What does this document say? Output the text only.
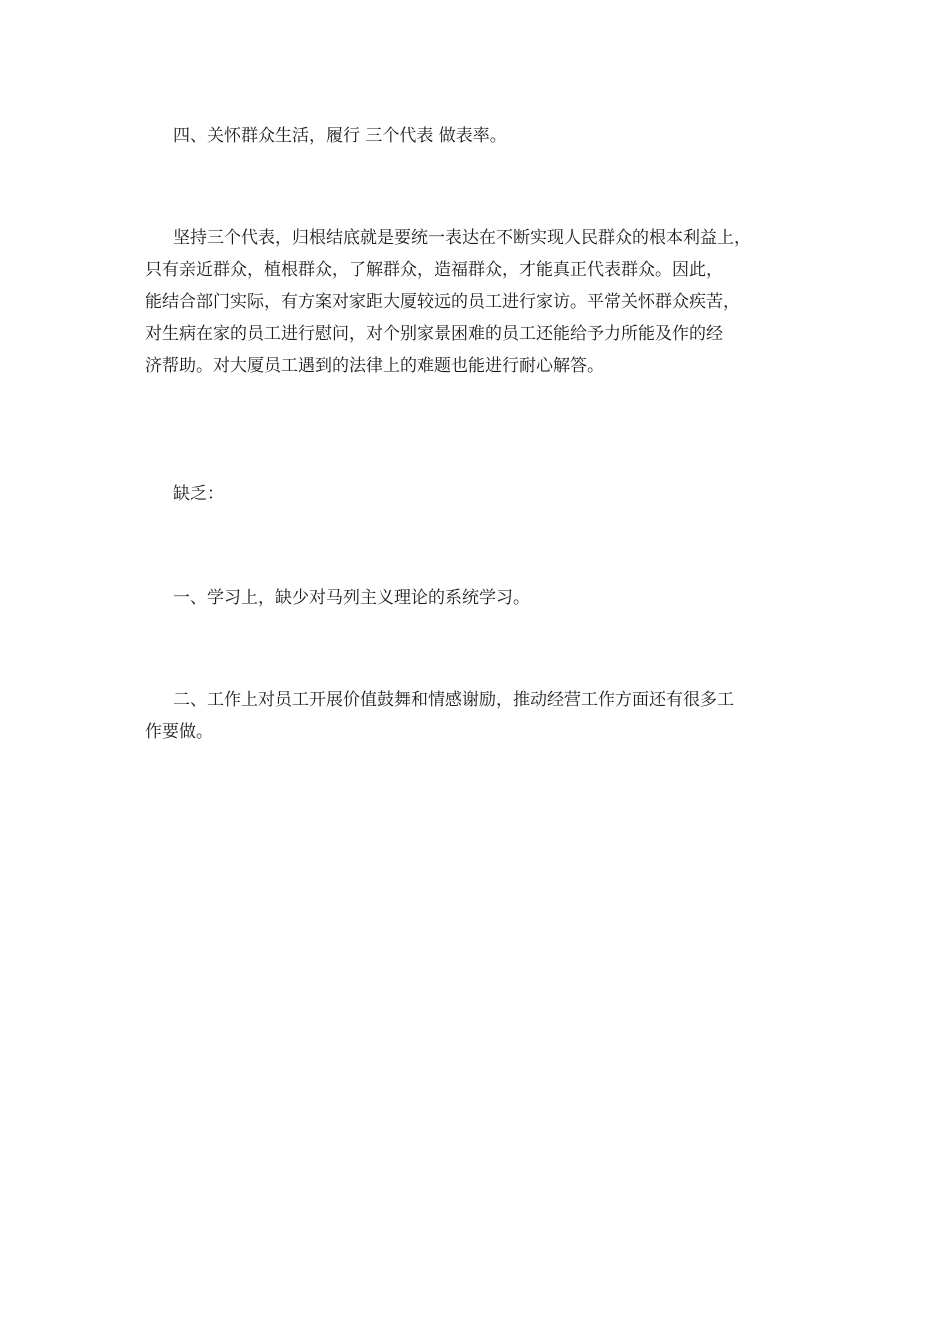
四、关怀群众生活，履行 三个代表 做表率。

坚持三个代表，归根结底就是要统一表达在不断实现人民群众的根本利益上，
只有亲近群众，植根群众，了解群众，造福群众，才能真正代表群众。因此，
能结合部门实际，有方案对家距大厦较远的员工进行家访。平常关怀群众疾苦，
对生病在家的员工进行慰问，对个别家景困难的员工还能给予力所能及作的经
济帮助。对大厦员工遇到的法律上的难题也能进行耐心解答。

缺乏：

一、学习上，缺少对马列主义理论的系统学习。

二、工作上对员工开展价值鼓舞和情感谢励，推动经营工作方面还有很多工
作要做。
